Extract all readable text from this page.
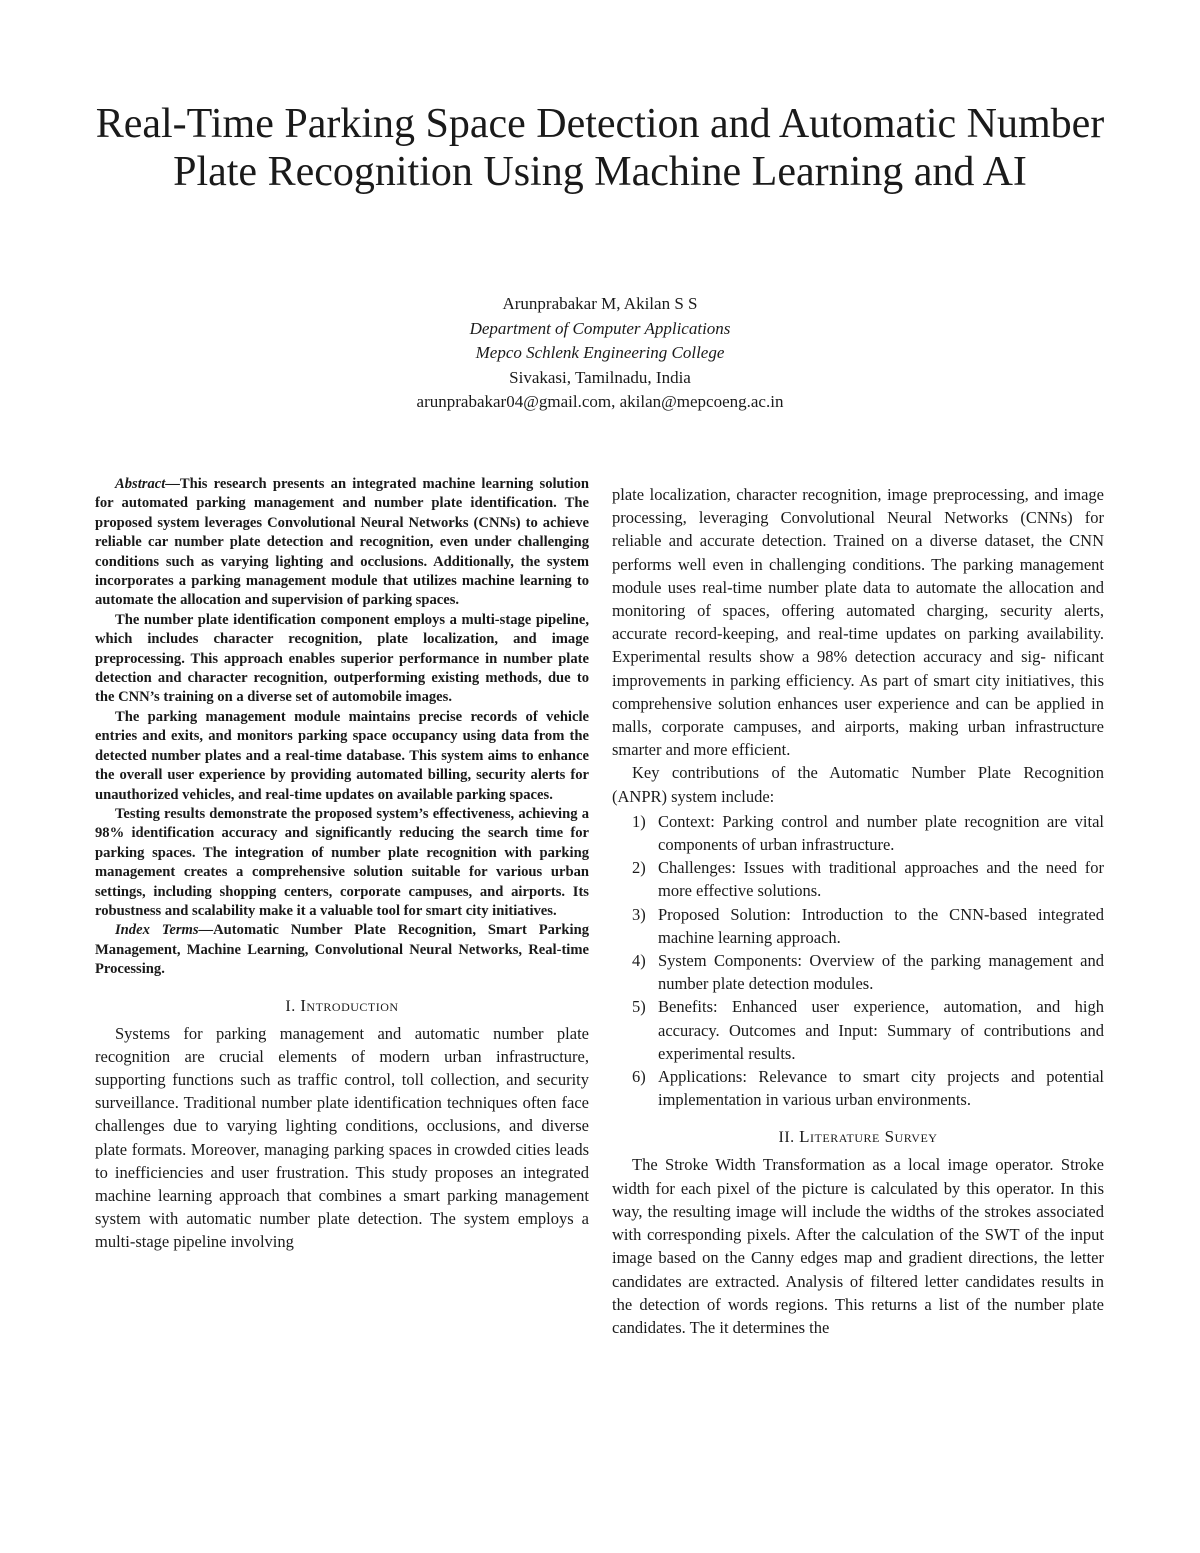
Real-Time Parking Space Detection and Automatic Number Plate Recognition Using Machine Learning and AI
Arunprabakar M, Akilan S S
Department of Computer Applications
Mepco Schlenk Engineering College
Sivakasi, Tamilnadu, India
arunprabakar04@gmail.com, akilan@mepcoeng.ac.in

Abstract—This research presents an integrated machine learning solution for automated parking management and number plate identification. The proposed system leverages Convolutional Neural Networks (CNNs) to achieve reliable car number plate detection and recognition, even under challenging conditions such as varying lighting and occlusions. Additionally, the system incorporates a parking management module that utilizes machine learning to automate the allocation and supervision of parking spaces.

The number plate identification component employs a multi-stage pipeline, which includes character recognition, plate localization, and image preprocessing. This approach enables superior performance in number plate detection and character recognition, outperforming existing methods, due to the CNN’s training on a diverse set of automobile images.

The parking management module maintains precise records of vehicle entries and exits, and monitors parking space occupancy using data from the detected number plates and a real-time database. This system aims to enhance the overall user experience by providing automated billing, security alerts for unauthorized vehicles, and real-time updates on available parking spaces.

Testing results demonstrate the proposed system’s effectiveness, achieving a 98% identification accuracy and significantly reducing the search time for parking spaces. The integration of number plate recognition with parking management creates a comprehensive solution suitable for various urban settings, including shopping centers, corporate campuses, and airports. Its robustness and scalability make it a valuable tool for smart city initiatives.

Index Terms—Automatic Number Plate Recognition, Smart Parking Management, Machine Learning, Convolutional Neural Networks, Real-time Processing.

I. Introduction

Systems for parking management and automatic number plate recognition are crucial elements of modern urban infrastructure, supporting functions such as traffic control, toll collection, and security surveillance. Traditional number plate identification techniques often face challenges due to varying lighting conditions, occlusions, and diverse plate formats. Moreover, managing parking spaces in crowded cities leads to inefficiencies and user frustration. This study proposes an integrated machine learning approach that combines a smart parking management system with automatic number plate detection. The system employs a multi-stage pipeline involving

plate localization, character recognition, image preprocessing, and image processing, leveraging Convolutional Neural Networks (CNNs) for reliable and accurate detection. Trained on a diverse dataset, the CNN performs well even in challenging conditions. The parking management module uses real-time number plate data to automate the allocation and monitoring of spaces, offering automated charging, security alerts, accurate record-keeping, and real-time updates on parking availability. Experimental results show a 98% detection accuracy and sig- nificant improvements in parking efficiency. As part of smart city initiatives, this comprehensive solution enhances user experience and can be applied in malls, corporate campuses, and airports, making urban infrastructure smarter and more efficient.

Key contributions of the Automatic Number Plate Recognition (ANPR) system include:

1) Context: Parking control and number plate recognition are vital components of urban infrastructure.
2) Challenges: Issues with traditional approaches and the need for more effective solutions.
3) Proposed Solution: Introduction to the CNN-based integrated machine learning approach.
4) System Components: Overview of the parking management and number plate detection modules.
5) Benefits: Enhanced user experience, automation, and high accuracy. Outcomes and Input: Summary of contributions and experimental results.
6) Applications: Relevance to smart city projects and potential implementation in various urban environments.
II. Literature Survey

The Stroke Width Transformation as a local image operator. Stroke width for each pixel of the picture is calculated by this operator. In this way, the resulting image will include the widths of the strokes associated with corresponding pixels. After the calculation of the SWT of the input image based on the Canny edges map and gradient directions, the letter candidates are extracted. Analysis of filtered letter candidates results in the detection of words regions. This returns a list of the number plate candidates. The it determines the
